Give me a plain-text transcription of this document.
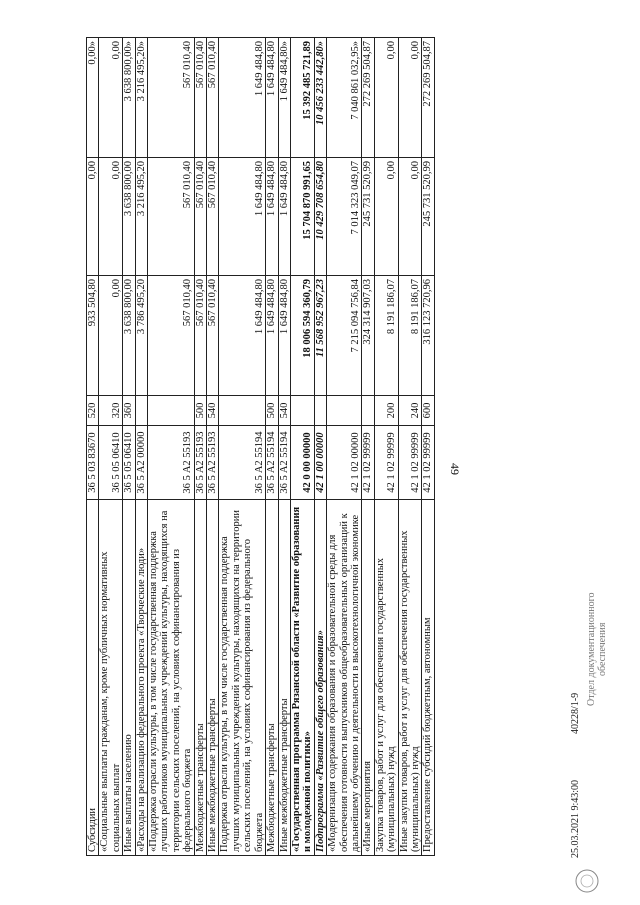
49
25.03.2021 9:43:0040228/1-9
Отдел документационного обеспечения
Субсидии	36 5 03 83670	520	933 504,80	0,00	0,00»
«Социальные выплаты гражданам, кроме публичных нормативных социальных выплат	36 5 05 06410	320	0,00	0,00	0,00
Иные выплаты населению	36 5 05 06410	360	3 638 800,00	3 638 800,00	3 638 800,00»
«Расходы на реализацию федерального проекта «Творческие люди»	36 5 A2 00000		3 786 495,20	3 216 495,20	3 216 495,20»
«Поддержка отрасли культуры, в том числе государственная поддержка лучших работников муниципальных учреждений культуры, находящихся на территории сельских поселений, на условиях софинансирования из федерального бюджета	36 5 A2 55193		567 010,40	567 010,40	567 010,40
Межбюджетные трансферты	36 5 A2 55193	500	567 010,40	567 010,40	567 010,40
Иные межбюджетные трансферты	36 5 A2 55193	540	567 010,40	567 010,40	567 010,40
Поддержка отрасли культуры, в том числе государственная поддержка лучших муниципальных учреждений культуры, находящихся на территории сельских поселений, на условиях софинансирования из федерального бюджета	36 5 A2 55194		1 649 484,80	1 649 484,80	1 649 484,80
Межбюджетные трансферты	36 5 A2 55194	500	1 649 484,80	1 649 484,80	1 649 484,80
Иные межбюджетные трансферты	36 5 A2 55194	540	1 649 484,80	1 649 484,80	1 649 484,80»
«Государственная программа Рязанской области «Развитие образования и молодежной политики»	42 0 00 00000		18 006 594 360,79	15 704 870 991,65	15 392 485 721,89
Подпрограмма «Развитие общего образования»	42 1 00 00000		11 568 952 967,23	10 429 708 654,80	10 456 233 442,80»
«Модернизация содержания образования и образовательной среды для обеспечения готовности выпускников общеобразовательных организаций к дальнейшему обучению и деятельности в высокотехнологичной экономике	42 1 02 00000		7 215 094 756,84	7 014 323 049,07	7 040 861 032,95»
«Иные мероприятия	42 1 02 99999		324 314 907,03	245 731 520,99	272 269 504,87
Закупка товаров, работ и услуг для обеспечения государственных (муниципальных) нужд	42 1 02 99999	200	8 191 186,07	0,00	0,00
Иные закупки товаров, работ и услуг для обеспечения государственных (муниципальных) нужд	42 1 02 99999	240	8 191 186,07	0,00	0,00
Предоставление субсидий бюджетным, автономным	42 1 02 99999	600	316 123 720,96	245 731 520,99	272 269 504,87
